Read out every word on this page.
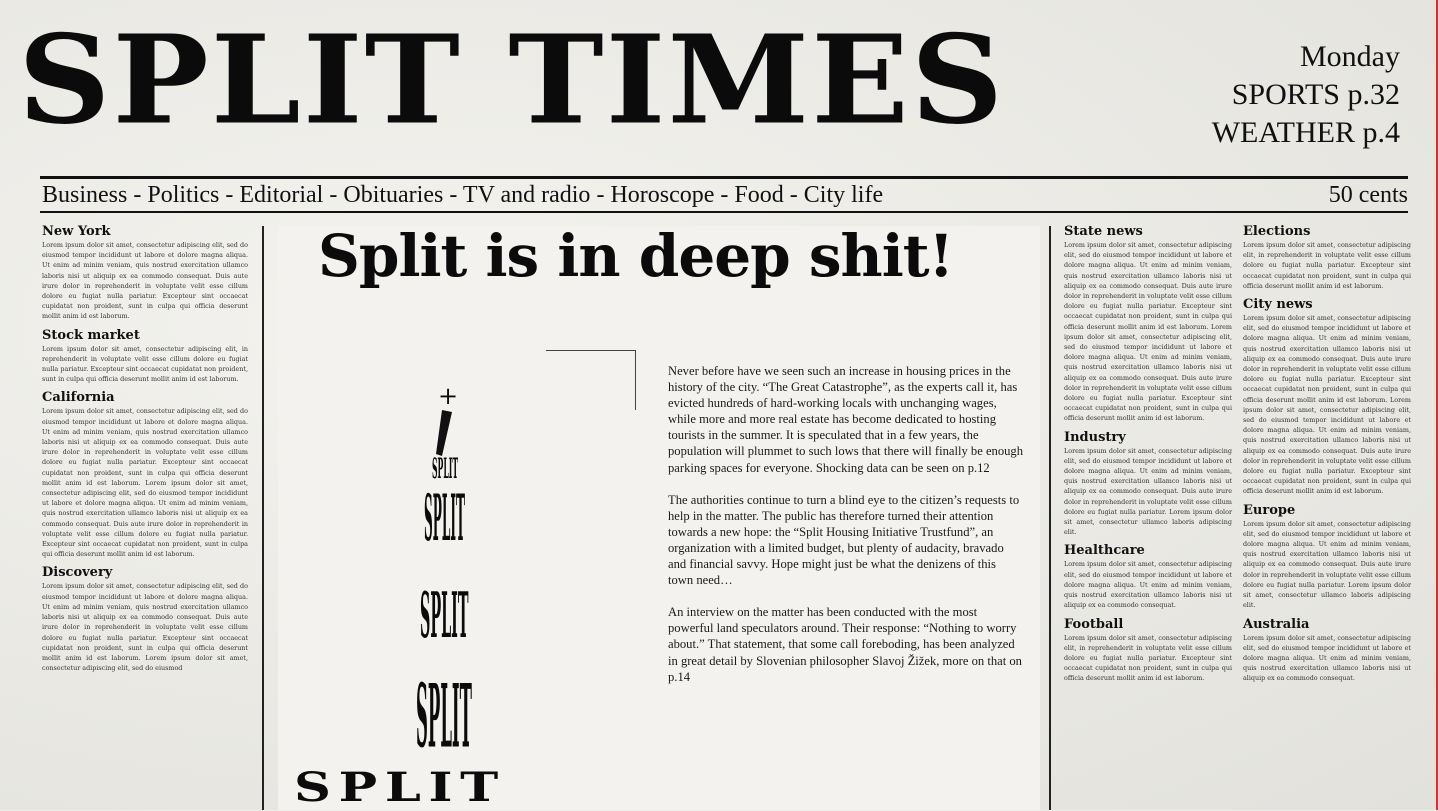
SPLIT TIMES	Monday
SPORTS p.32
WEATHER p.4
Business - Politics - Editorial - Obituaries - TV and radio - Horoscope - Food - City life	50 cents
New York

Lorem ipsum dolor sit amet, consectetur adipiscing elit, sed do eiusmod tempor incididunt ut labore et dolore magna aliqua. Ut enim ad minim veniam, quis nostrud exercitation ullamco laboris nisi ut aliquip ex ea commodo consequat. Duis aute irure dolor in reprehenderit in voluptate velit esse cillum dolore eu fugiat nulla pariatur. Excepteur sint occaecat cupidatat non proident, sunt in culpa qui officia deserunt mollit anim id est laborum.

Stock market

Lorem ipsum dolor sit amet, consectetur adipiscing elit, in reprehenderit in voluptate velit esse cillum dolore eu fugiat nulla pariatur. Excepteur sint occaecat cupidatat non proident, sunt in culpa qui officia deserunt mollit anim id est laborum.

California

Lorem ipsum dolor sit amet, consectetur adipiscing elit, sed do eiusmod tempor incididunt ut labore et dolore magna aliqua. Ut enim ad minim veniam, quis nostrud exercitation ullamco laboris nisi ut aliquip ex ea commodo consequat. Duis aute irure dolor in reprehenderit in voluptate velit esse cillum dolore eu fugiat nulla pariatur. Excepteur sint occaecat cupidatat non proident, sunt in culpa qui officia deserunt mollit anim id est laborum. Lorem ipsum dolor sit amet, consectetur adipiscing elit, sed do eiusmod tempor incididunt ut labore et dolore magna aliqua. Ut enim ad minim veniam, quis nostrud exercitation ullamco laboris nisi ut aliquip ex ea commodo consequat. Duis aute irure dolor in reprehenderit in voluptate velit esse cillum dolore eu fugiat nulla pariatur. Excepteur sint occaecat cupidatat non proident, sunt in culpa qui officia deserunt mollit anim id est laborum.

Discovery

Lorem ipsum dolor sit amet, consectetur adipiscing elit, sed do eiusmod tempor incididunt ut labore et dolore magna aliqua. Ut enim ad minim veniam, quis nostrud exercitation ullamco laboris nisi ut aliquip ex ea commodo consequat. Duis aute irure dolor in reprehenderit in voluptate velit esse cillum dolore eu fugiat nulla pariatur. Excepteur sint occaecat cupidatat non proident, sunt in culpa qui officia deserunt mollit anim id est laborum. Lorem ipsum dolor sit amet, consectetur adipiscing elit, sed do eiusmod

Split is in deep shit!
+
SPLIT
SPLIT
SPLIT
SPLIT
SPLIT

Never before have we seen such an increase in housing prices in the history of the city. “The Great Catastrophe”, as the experts call it, has evicted hundreds of hard-working locals with unchanging wages, while more and more real estate has become dedicated to hosting tourists in the summer. It is speculated that in a few years, the population will plummet to such lows that there will finally be enough parking spaces for everyone. Shocking data can be seen on p.12

The authorities continue to turn a blind eye to the citizen’s requests to help in the matter. The public has therefore turned their attention towards a new hope: the “Split Housing Initiative Trustfund”, an organization with a limited budget, but plenty of audacity, bravado and financial savvy. Hope might just be what the denizens of this town need…

An interview on the matter has been conducted with the most powerful land speculators around. Their response: “Nothing to worry about.” That statement, that some call foreboding, has been analyzed in great detail by Slovenian philosopher Slavoj Žižek, more on that on p.14

State news

Lorem ipsum dolor sit amet, consectetur adipiscing elit, sed do eiusmod tempor incididunt ut labore et dolore magna aliqua. Ut enim ad minim veniam, quis nostrud exercitation ullamco laboris nisi ut aliquip ex ea commodo consequat. Duis aute irure dolor in reprehenderit in voluptate velit esse cillum dolore eu fugiat nulla pariatur. Excepteur sint occaecat cupidatat non proident, sunt in culpa qui officia deserunt mollit anim id est laborum. Lorem ipsum dolor sit amet, consectetur adipiscing elit, sed do eiusmod tempor incididunt ut labore et dolore magna aliqua. Ut enim ad minim veniam, quis nostrud exercitation ullamco laboris nisi ut aliquip ex ea commodo consequat. Duis aute irure dolor in reprehenderit in voluptate velit esse cillum dolore eu fugiat nulla pariatur. Excepteur sint occaecat cupidatat non proident, sunt in culpa qui officia deserunt mollit anim id est laborum.

Industry

Lorem ipsum dolor sit amet, consectetur adipiscing elit, sed do eiusmod tempor incididunt ut labore et dolore magna aliqua. Ut enim ad minim veniam, quis nostrud exercitation ullamco laboris nisi ut aliquip ex ea commodo consequat. Duis aute irure dolor in reprehenderit in voluptate velit esse cillum dolore eu fugiat nulla pariatur. Lorem ipsum dolor sit amet, consectetur ullamco laboris adipiscing elit.

Healthcare

Lorem ipsum dolor sit amet, consectetur adipiscing elit, sed do eiusmod tempor incididunt ut labore et dolore magna aliqua. Ut enim ad minim veniam, quis nostrud exercitation ullamco laboris nisi ut aliquip ex ea commodo consequat.

Football

Lorem ipsum dolor sit amet, consectetur adipiscing elit, in reprehenderit in voluptate velit esse cillum dolore eu fugiat nulla pariatur. Excepteur sint occaecat cupidatat non proident, sunt in culpa qui officia deserunt mollit anim id est laborum.

Elections

Lorem ipsum dolor sit amet, consectetur adipiscing elit, in reprehenderit in voluptate velit esse cillum dolore eu fugiat nulla pariatur. Excepteur sint occaecat cupidatat non proident, sunt in culpa qui officia deserunt mollit anim id est laborum.

City news

Lorem ipsum dolor sit amet, consectetur adipiscing elit, sed do eiusmod tempor incididunt ut labore et dolore magna aliqua. Ut enim ad minim veniam, quis nostrud exercitation ullamco laboris nisi ut aliquip ex ea commodo consequat. Duis aute irure dolor in reprehenderit in voluptate velit esse cillum dolore eu fugiat nulla pariatur. Excepteur sint occaecat cupidatat non proident, sunt in culpa qui officia deserunt mollit anim id est laborum. Lorem ipsum dolor sit amet, consectetur adipiscing elit, sed do eiusmod tempor incididunt ut labore et dolore magna aliqua. Ut enim ad minim veniam, quis nostrud exercitation ullamco laboris nisi ut aliquip ex ea commodo consequat. Duis aute irure dolor in reprehenderit in voluptate velit esse cillum dolore eu fugiat nulla pariatur. Excepteur sint occaecat cupidatat non proident, sunt in culpa qui officia deserunt mollit anim id est laborum.

Europe

Lorem ipsum dolor sit amet, consectetur adipiscing elit, sed do eiusmod tempor incididunt ut labore et dolore magna aliqua. Ut enim ad minim veniam, quis nostrud exercitation ullamco laboris nisi ut aliquip ex ea commodo consequat. Duis aute irure dolor in reprehenderit in voluptate velit esse cillum dolore eu fugiat nulla pariatur. Lorem ipsum dolor sit amet, consectetur ullamco laboris adipiscing elit.

Australia

Lorem ipsum dolor sit amet, consectetur adipiscing elit, sed do eiusmod tempor incididunt ut labore et dolore magna aliqua. Ut enim ad minim veniam, quis nostrud exercitation ullamco laboris nisi ut aliquip ex ea commodo consequat.
